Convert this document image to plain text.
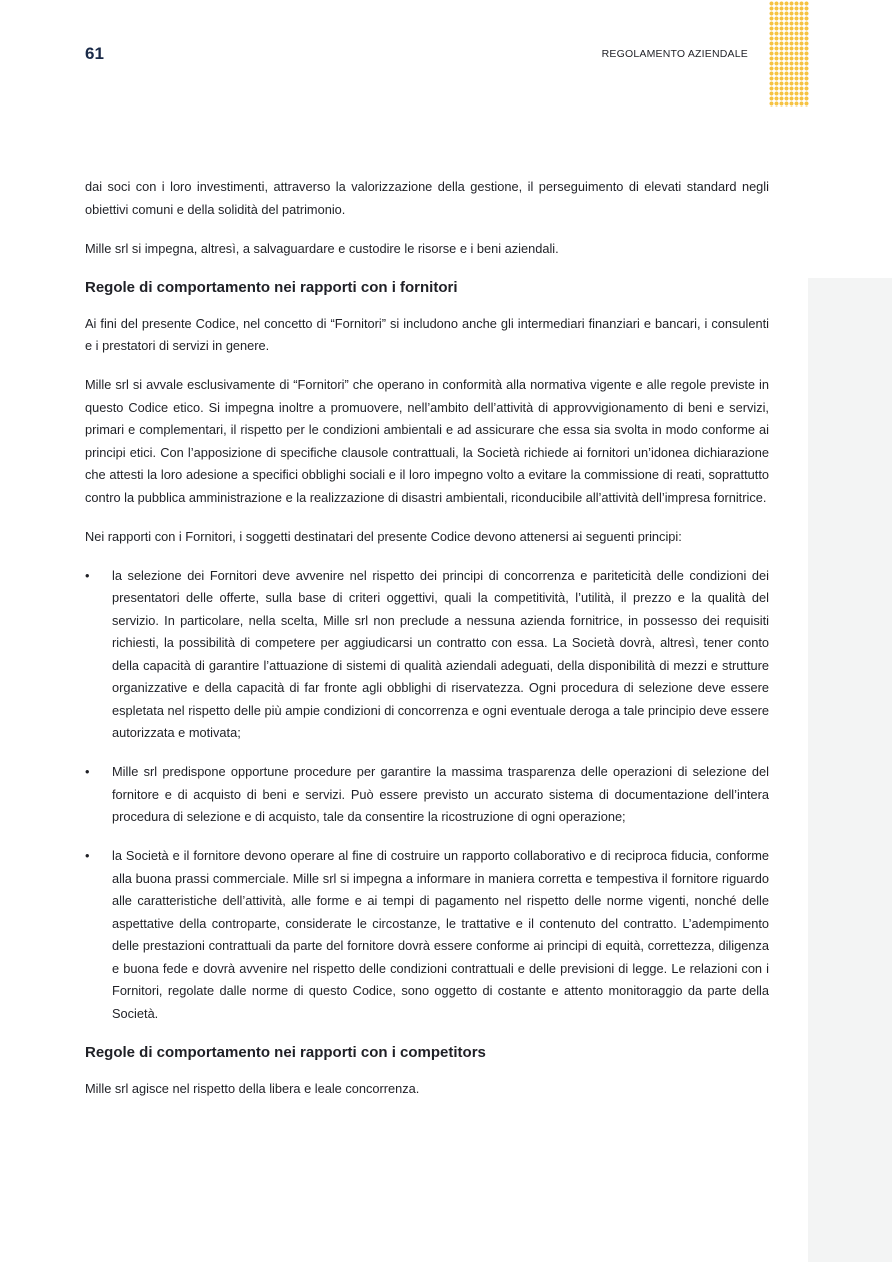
61	REGOLAMENTO AZIENDALE

dai soci con i loro investimenti, attraverso la valorizzazione della gestione, il perseguimento di elevati standard negli obiettivi comuni e della solidità del patrimonio.

Mille srl si impegna, altresì, a salvaguardare e custodire le risorse e i beni aziendali.

Regole di comportamento nei rapporti con i fornitori

Ai fini del presente Codice, nel concetto di “Fornitori” si includono anche gli intermediari finanziari e bancari, i consulenti e i prestatori di servizi in genere.

Mille srl si avvale esclusivamente di “Fornitori” che operano in conformità alla normativa vigente e alle regole previste in questo Codice etico. Si impegna inoltre a promuovere, nell’ambito dell’attività di approvvigionamento di beni e servizi, primari e complementari, il rispetto per le condizioni ambientali e ad assicurare che essa sia svolta in modo conforme ai principi etici. Con l’apposizione di specifiche clausole contrattuali, la Società richiede ai fornitori un’idonea dichiarazione che attesti la loro adesione a specifici obblighi sociali e il loro impegno volto a evitare la commissione di reati, soprattutto contro la pubblica amministrazione e la realizzazione di disastri ambientali, riconducibile all’attività dell’impresa fornitrice.

Nei rapporti con i Fornitori, i soggetti destinatari del presente Codice devono attenersi ai seguenti principi:

• la selezione dei Fornitori deve avvenire nel rispetto dei principi di concorrenza e pariteticità delle condizioni dei presentatori delle offerte, sulla base di criteri oggettivi, quali la competitività, l’utilità, il prezzo e la qualità del servizio. In particolare, nella scelta, Mille srl non preclude a nessuna azienda fornitrice, in possesso dei requisiti richiesti, la possibilità di competere per aggiudicarsi un contratto con essa. La Società dovrà, altresì, tener conto della capacità di garantire l’attuazione di sistemi di qualità aziendali adeguati, della disponibilità di mezzi e strutture organizzative e della capacità di far fronte agli obblighi di riservatezza. Ogni procedura di selezione deve essere espletata nel rispetto delle più ampie condizioni di concorrenza e ogni eventuale deroga a tale principio deve essere autorizzata e motivata;
• Mille srl predispone opportune procedure per garantire la massima trasparenza delle operazioni di selezione del fornitore e di acquisto di beni e servizi. Può essere previsto un accurato sistema di documentazione dell’intera procedura di selezione e di acquisto, tale da consentire la ricostruzione di ogni operazione;
• la Società e il fornitore devono operare al fine di costruire un rapporto collaborativo e di reciproca fiducia, conforme alla buona prassi commerciale. Mille srl si impegna a informare in maniera corretta e tempestiva il fornitore riguardo alle caratteristiche dell’attività, alle forme e ai tempi di pagamento nel rispetto delle norme vigenti, nonché delle aspettative della controparte, considerate le circostanze, le trattative e il contenuto del contratto. L’adempimento delle prestazioni contrattuali da parte del fornitore dovrà essere conforme ai principi di equità, correttezza, diligenza e buona fede e dovrà avvenire nel rispetto delle condizioni contrattuali e delle previsioni di legge. Le relazioni con i Fornitori, regolate dalle norme di questo Codice, sono oggetto di costante e attento monitoraggio da parte della Società.
Regole di comportamento nei rapporti con i competitors

Mille srl agisce nel rispetto della libera e leale concorrenza.
